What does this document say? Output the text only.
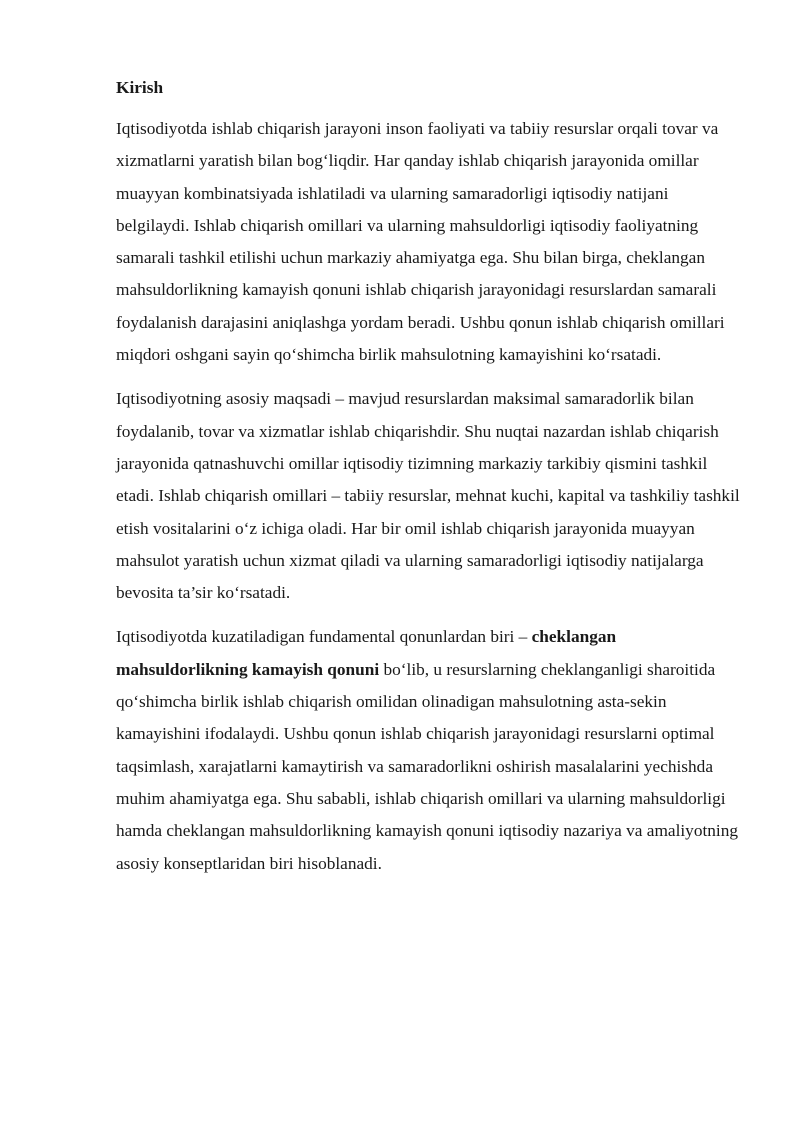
Kirish

Iqtisodiyotda ishlab chiqarish jarayoni inson faoliyati va tabiiy resurslar orqali tovar va xizmatlarni yaratish bilan bog‘liqdir. Har qanday ishlab chiqarish jarayonida omillar muayyan kombinatsiyada ishlatiladi va ularning samaradorligi iqtisodiy natijani belgilaydi. Ishlab chiqarish omillari va ularning mahsuldorligi iqtisodiy faoliyatning samarali tashkil etilishi uchun markaziy ahamiyatga ega. Shu bilan birga, cheklangan mahsuldorlikning kamayish qonuni ishlab chiqarish jarayonidagi resurslardan samarali foydalanish darajasini aniqlashga yordam beradi. Ushbu qonun ishlab chiqarish omillari miqdori oshgani sayin qo‘shimcha birlik mahsulotning kamayishini ko‘rsatadi.

Iqtisodiyotning asosiy maqsadi – mavjud resurslardan maksimal samaradorlik bilan foydalanib, tovar va xizmatlar ishlab chiqarishdir. Shu nuqtai nazardan ishlab chiqarish jarayonida qatnashuvchi omillar iqtisodiy tizimning markaziy tarkibiy qismini tashkil etadi. Ishlab chiqarish omillari – tabiiy resurslar, mehnat kuchi, kapital va tashkiliy tashkil etish vositalarini o‘z ichiga oladi. Har bir omil ishlab chiqarish jarayonida muayyan mahsulot yaratish uchun xizmat qiladi va ularning samaradorligi iqtisodiy natijalarga bevosita ta’sir ko‘rsatadi.

Iqtisodiyotda kuzatiladigan fundamental qonunlardan biri – cheklangan mahsuldorlikning kamayish qonuni bo‘lib, u resurslarning cheklanganligi sharoitida qo‘shimcha birlik ishlab chiqarish omilidan olinadigan mahsulotning asta-sekin kamayishini ifodalaydi. Ushbu qonun ishlab chiqarish jarayonidagi resurslarni optimal taqsimlash, xarajatlarni kamaytirish va samaradorlikni oshirish masalalarini yechishda muhim ahamiyatga ega. Shu sababli, ishlab chiqarish omillari va ularning mahsuldorligi hamda cheklangan mahsuldorlikning kamayish qonuni iqtisodiy nazariya va amaliyotning asosiy konseptlaridan biri hisoblanadi.
